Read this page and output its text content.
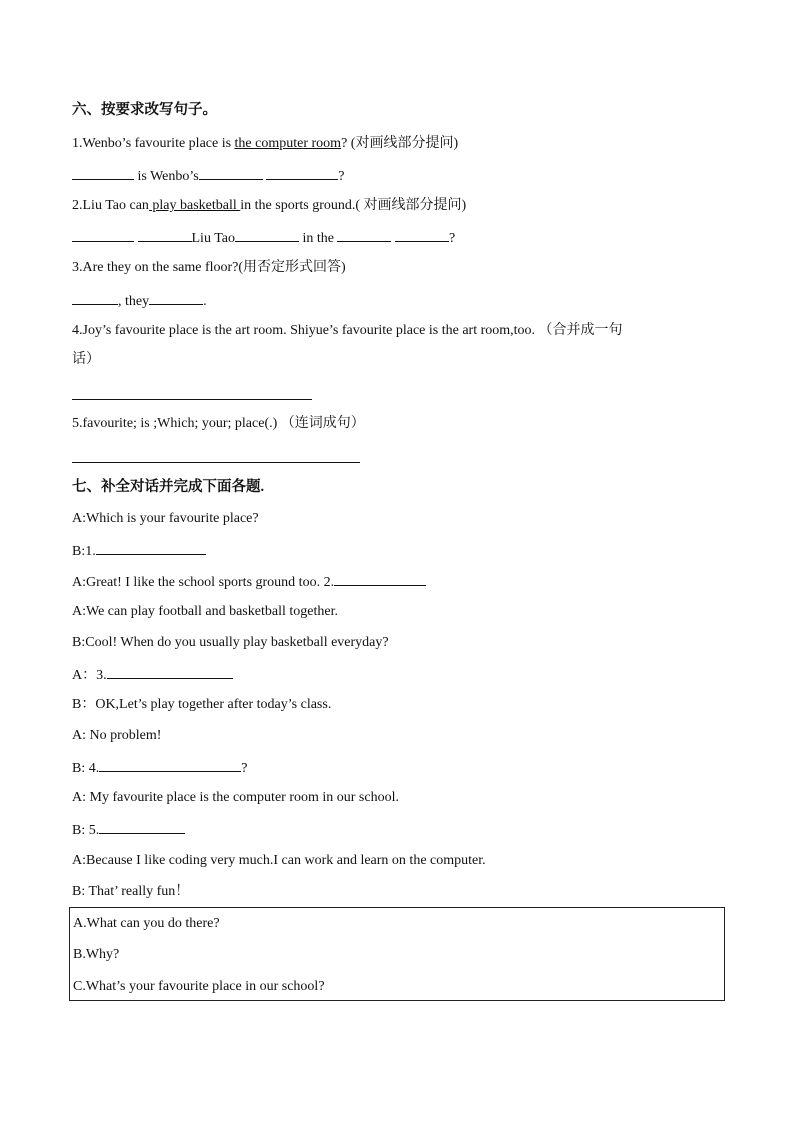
六、按要求改写句子。
1.Wenbo’s favourite place is the computer room? (对画线部分提问)
is Wenbo’s	?
2.Liu Tao can play basketball in the sports ground.( 对画线部分提问)
Liu Tao	in the	?
3.Are they on the same floor?(用否定形式回答)
, they	.
4.Joy’s favourite place is the art room. Shiyue’s favourite place is the art room,too. （合并成一句
话）
5.favourite; is ;Which; your; place(.) （连词成句）
七、补全对话并完成下面各题.
A:Which is your favourite place?
B:1.
A:Great! I like the school sports ground too. 2.
A:We can play football and basketball together.
B:Cool! When do you usually play basketball everyday?
A：3.
B：OK,Let’s play together after today’s class.
A: No problem!
B: 4.	?
A: My favourite place is the computer room in our school.
B: 5.
A:Because I like coding very much.I can work and learn on the computer.
B: That’ really fun！
A.What can you do there?
B.Why?
C.What’s your favourite place in our school?
